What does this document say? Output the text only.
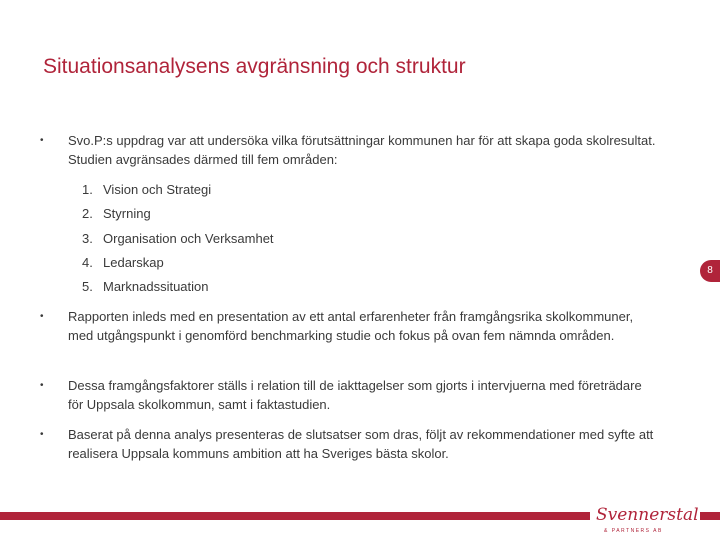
Situationsanalysens avgränsning och struktur
•	Svo.P:s uppdrag var att undersöka vilka förutsättningar kommunen har för att skapa goda skolresultat. Studien avgränsades därmed till fem områden:
1. Vision och Strategi
2. Styrning
3. Organisation och Verksamhet
4. Ledarskap
5. Marknadssituation
•	Rapporten inleds med en presentation av ett antal erfarenheter från framgångsrika skolkommuner, med utgångspunkt i genomförd benchmarking studie och fokus på ovan fem nämnda områden.
•	Dessa framgångsfaktorer ställs i relation till de iakttagelser som gjorts i intervjuerna med företrädare för Uppsala skolkommun, samt i faktastudien.
•	Baserat på denna analys presenteras de slutsatser som dras, följt av rekommendationer med syfte att realisera Uppsala kommuns ambition att ha Sveriges bästa skolor.
8
Svennerstal
& PARTNERS AB
